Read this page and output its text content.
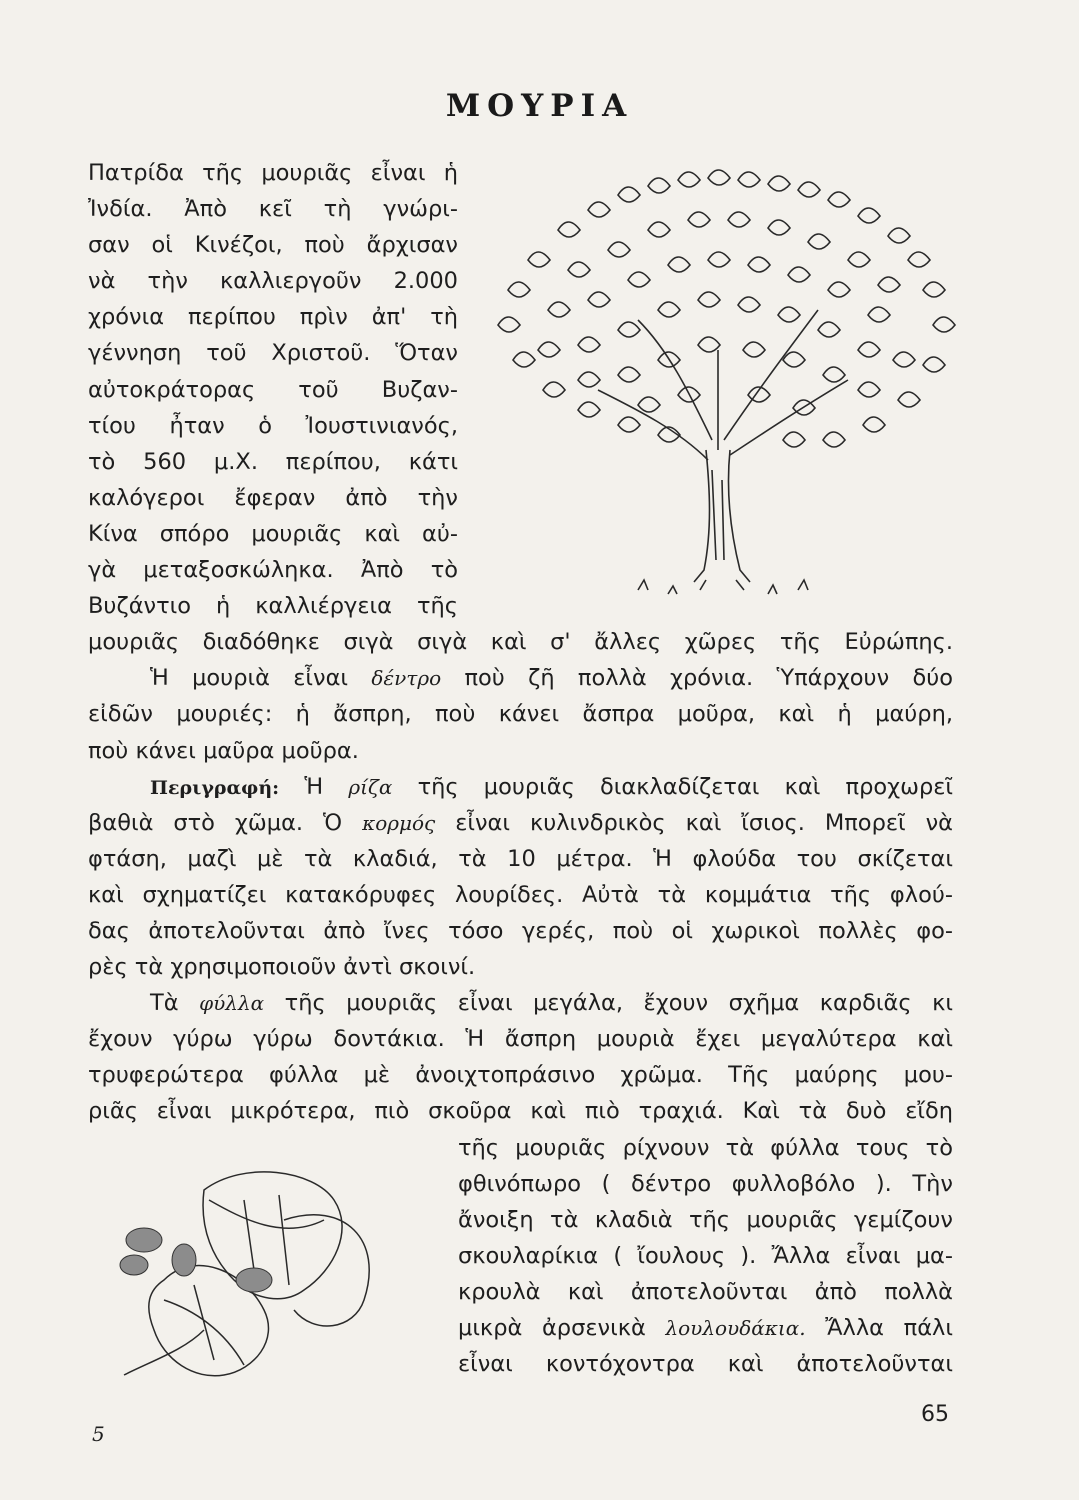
ΜΟΥΡΙΑ
Πατρίδα τῆς μουριᾶς εἶναι ἡ
Ἰνδία. Ἀπὸ κεῖ τὴ γνώρι-
σαν οἱ Κινέζοι, ποὺ ἄρχισαν
νὰ τὴν καλλιεργοῦν 2.000
χρόνια περίπου πρὶν ἀπ' τὴ
γέννηση τοῦ Χριστοῦ. Ὅταν
αὐτοκράτορας τοῦ Βυζαν-
τίου ἦταν ὁ Ἰουστινιανός,
τὸ 560 μ.Χ. περίπου, κάτι
καλόγεροι ἔφεραν ἀπὸ τὴν
Κίνα σπόρο μουριᾶς καὶ αὐ-
γὰ μεταξοσκώληκα. Ἀπὸ τὸ
Βυζάντιο ἡ καλλιέργεια τῆς
μουριᾶς διαδόθηκε σιγὰ σιγὰ καὶ σ' ἄλλες χῶρες τῆς Εὐρώπης.
Ἡ μουριὰ εἶναι δέντρο ποὺ ζῆ πολλὰ χρόνια. Ὑπάρχουν δύο
εἰδῶν μουριές: ἡ ἄσπρη, ποὺ κάνει ἄσπρα μοῦρα, καὶ ἡ μαύρη,
ποὺ κάνει μαῦρα μοῦρα.
Περιγραφή: Ἡ ρίζα τῆς μουριᾶς διακλαδίζεται καὶ προχωρεῖ
βαθιὰ στὸ χῶμα. Ὁ κορμός εἶναι κυλινδρικὸς καὶ ἴσιος. Μπορεῖ νὰ
φτάση, μαζὶ μὲ τὰ κλαδιά, τὰ 10 μέτρα. Ἡ φλούδα του σκίζεται
καὶ σχηματίζει κατακόρυφες λουρίδες. Αὐτὰ τὰ κομμάτια τῆς φλού-
δας ἀποτελοῦνται ἀπὸ ἴνες τόσο γερές, ποὺ οἱ χωρικοὶ πολλὲς φο-
ρὲς τὰ χρησιμοποιοῦν ἀντὶ σκοινί.
Τὰ φύλλα τῆς μουριᾶς εἶναι μεγάλα, ἔχουν σχῆμα καρδιᾶς κι
ἔχουν γύρω γύρω δοντάκια. Ἡ ἄσπρη μουριὰ ἔχει μεγαλύτερα καὶ
τρυφερώτερα φύλλα μὲ ἀνοιχτοπράσινο χρῶμα. Τῆς μαύρης μου-
ριᾶς εἶναι μικρότερα, πιὸ σκοῦρα καὶ πιὸ τραχιά. Καὶ τὰ δυὸ εἴδη
τῆς μουριᾶς ρίχνουν τὰ φύλλα τους τὸ
φθινόπωρο ( δέντρο φυλλοβόλο ). Τὴν
ἄνοιξη τὰ κλαδιὰ τῆς μουριᾶς γεμίζουν
σκουλαρίκια ( ἴουλους ). Ἄλλα εἶναι μα-
κρουλὰ καὶ ἀποτελοῦνται ἀπὸ πολλὰ
μικρὰ ἀρσενικὰ λουλουδάκια. Ἄλλα πάλι
εἶναι κοντόχοντρα καὶ ἀποτελοῦνται
5
65
